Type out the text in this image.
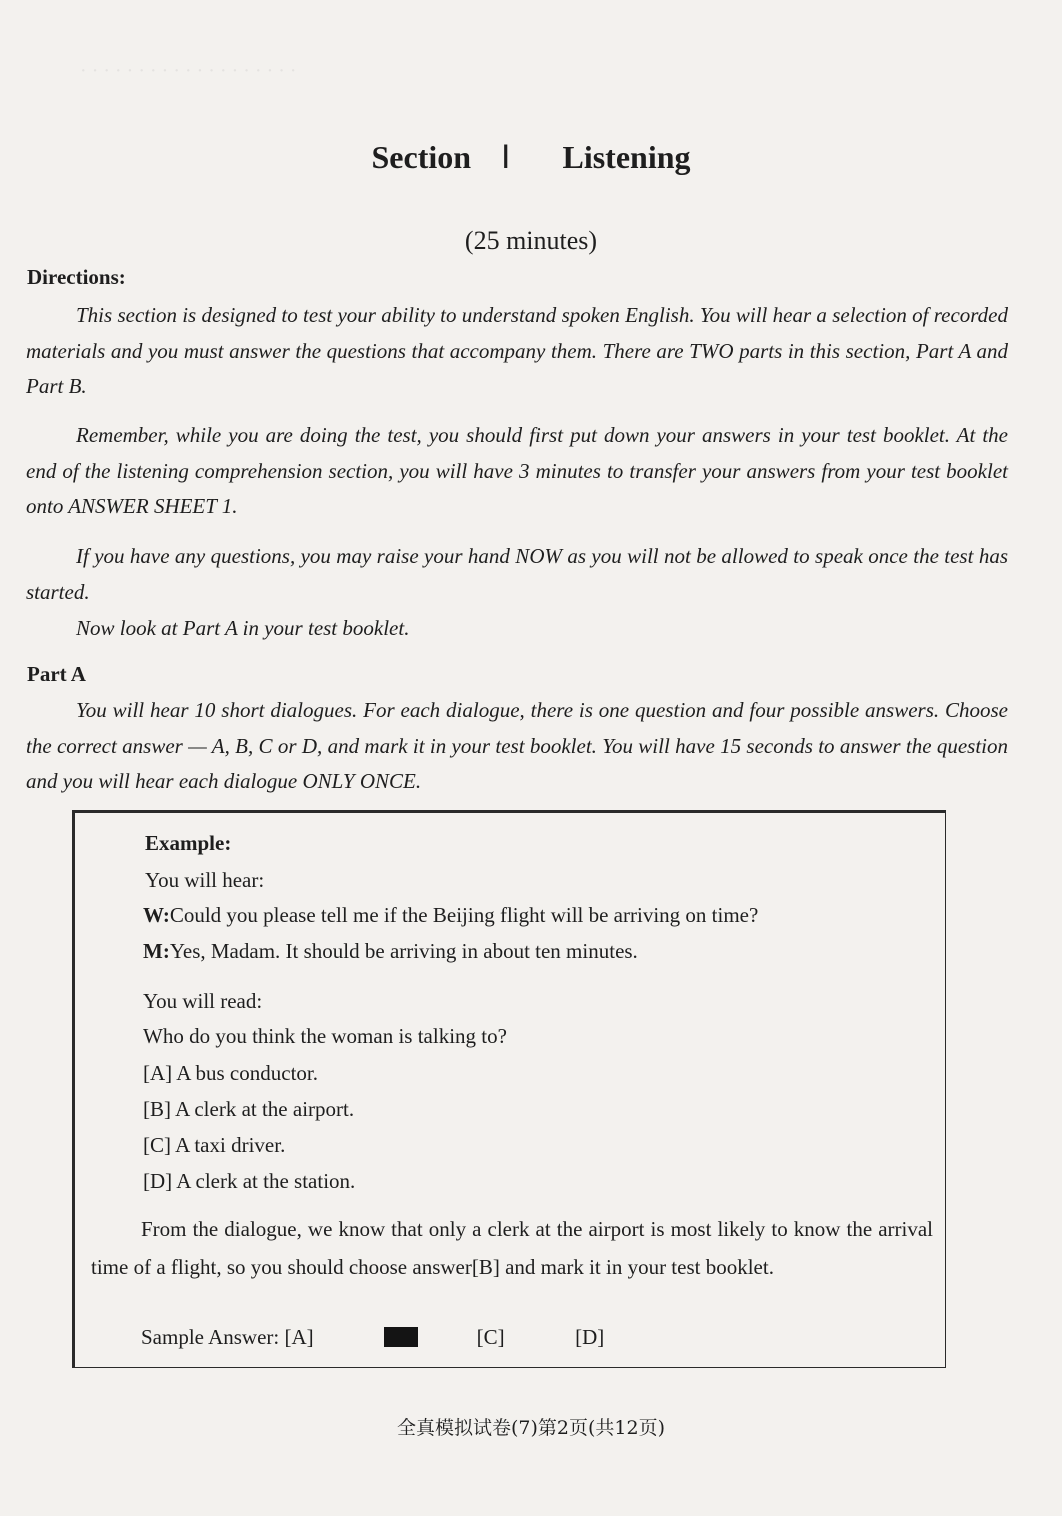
· · · · · · · · · · · · · · · · · · ·
Section Ⅰ Listening
(25 minutes)
Directions:
This section is designed to test your ability to understand spoken English. You will hear a selection of recorded materials and you must answer the questions that accompany them. There are TWO parts in this section, Part A and Part B.
Remember, while you are doing the test, you should first put down your answers in your test booklet. At the end of the listening comprehension section, you will have 3 minutes to transfer your answers from your test booklet onto ANSWER SHEET 1.
If you have any questions, you may raise your hand NOW as you will not be allowed to speak once the test has started.
Now look at Part A in your test booklet.
Part A
You will hear 10 short dialogues. For each dialogue, there is one question and four possible answers. Choose the correct answer — A, B, C or D, and mark it in your test booklet. You will have 15 seconds to answer the question and you will hear each dialogue ONLY ONCE.
Example:
You will hear:
W:Could you please tell me if the Beijing flight will be arriving on time?
M:Yes, Madam. It should be arriving in about ten minutes.
You will read:
Who do you think the woman is talking to?
[A] A bus conductor.
[B] A clerk at the airport.
[C] A taxi driver.
[D] A clerk at the station.
From the dialogue, we know that only a clerk at the airport is most likely to know the arrival time of a flight, so you should choose answer[B] and mark it in your test booklet.
Sample Answer: [A]	[C]	[D]
全真模拟试卷(7)第2页(共12页)
